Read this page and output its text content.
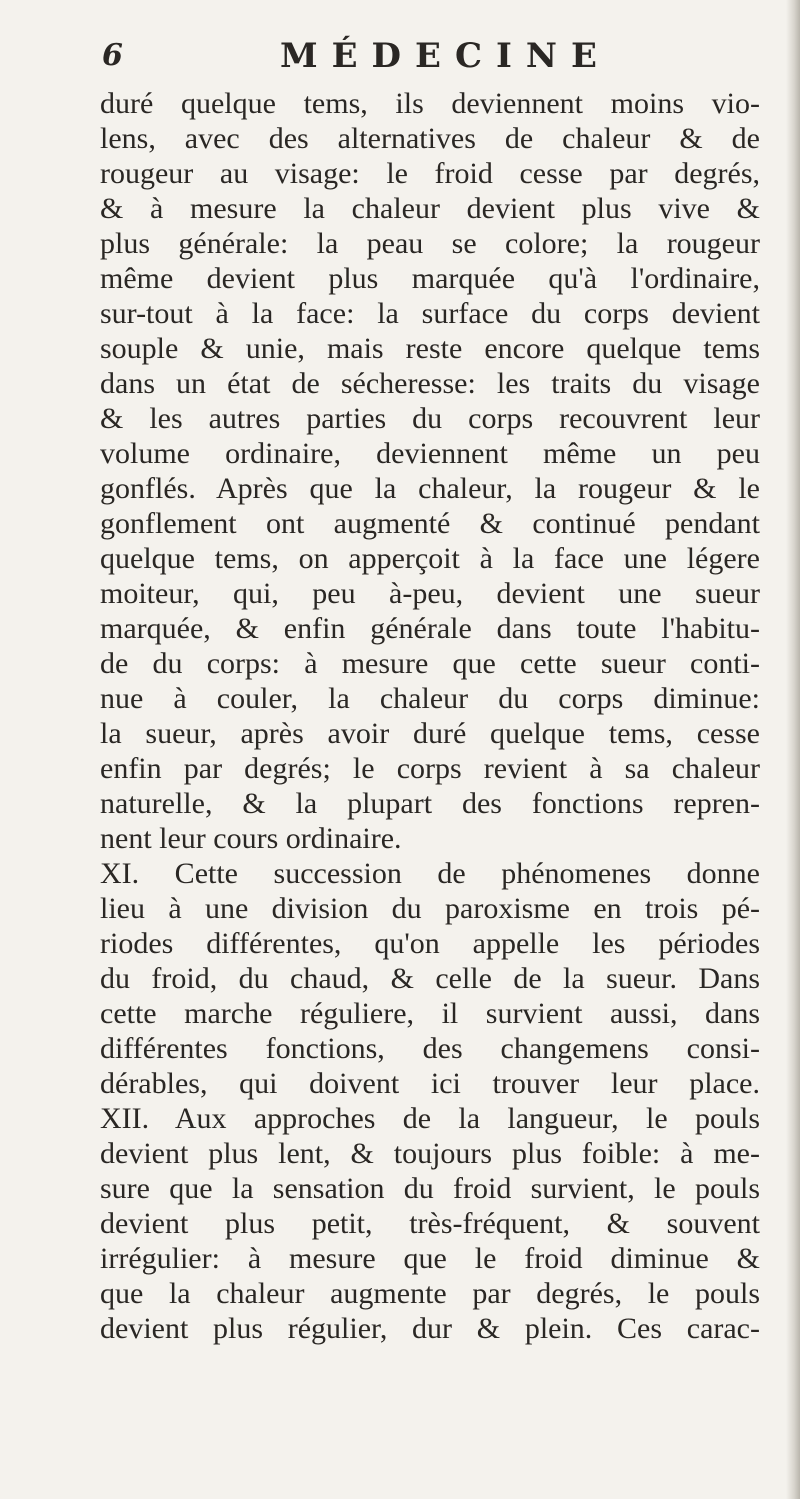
6	MÉDECINE
duré quelque tems, ils deviennent moins vio-
lens, avec des alternatives de chaleur & de
rougeur au visage: le froid cesse par degrés,
& à mesure la chaleur devient plus vive &
plus générale: la peau se colore; la rougeur
même devient plus marquée qu'à l'ordinaire,
sur-tout à la face: la surface du corps devient
souple & unie, mais reste encore quelque tems
dans un état de sécheresse: les traits du visage
& les autres parties du corps recouvrent leur
volume ordinaire, deviennent même un peu
gonflés. Après que la chaleur, la rougeur & le
gonflement ont augmenté & continué pendant
quelque tems, on apperçoit à la face une légere
moiteur, qui, peu à-peu, devient une sueur
marquée, & enfin générale dans toute l'habitu-
de du corps: à mesure que cette sueur conti-
nue à couler, la chaleur du corps diminue:
la sueur, après avoir duré quelque tems, cesse
enfin par degrés; le corps revient à sa chaleur
naturelle, & la plupart des fonctions repren-
nent leur cours ordinaire.
XI. Cette succession de phénomenes donne
lieu à une division du paroxisme en trois pé-
riodes différentes, qu'on appelle les périodes
du froid, du chaud, & celle de la sueur. Dans
cette marche réguliere, il survient aussi, dans
différentes fonctions, des changemens consi-
dérables, qui doivent ici trouver leur place.
XII. Aux approches de la langueur, le pouls
devient plus lent, & toujours plus foible: à me-
sure que la sensation du froid survient, le pouls
devient plus petit, très-fréquent, & souvent
irrégulier: à mesure que le froid diminue &
que la chaleur augmente par degrés, le pouls
devient plus régulier, dur & plein. Ces carac-
